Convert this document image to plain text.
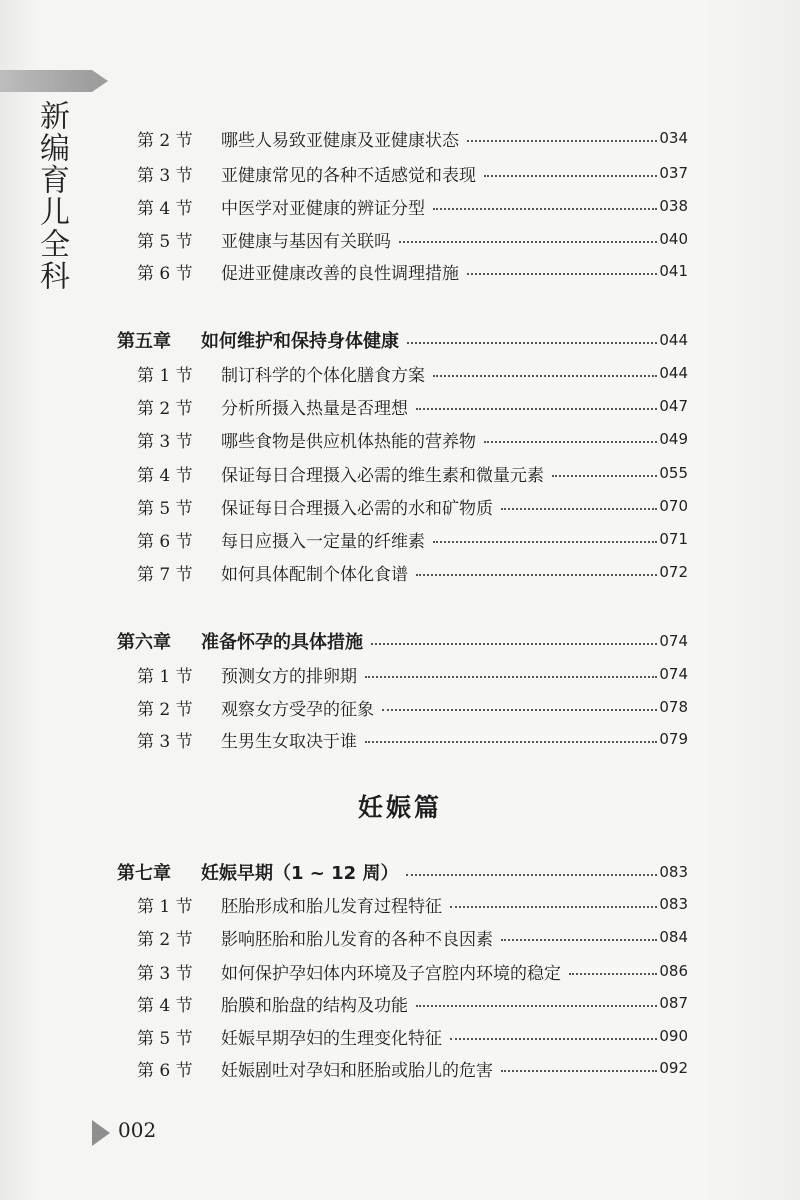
新编育儿全科	第 2 节	哪些人易致亚健康及亚健康状态	034
第 3 节	亚健康常见的各种不适感觉和表现	037
第 4 节	中医学对亚健康的辨证分型	038
第 5 节	亚健康与基因有关联吗	040
第 6 节	促进亚健康改善的良性调理措施	041
第五章	如何维护和保持身体健康	044
第 1 节	制订科学的个体化膳食方案	044
第 2 节	分析所摄入热量是否理想	047
第 3 节	哪些食物是供应机体热能的营养物	049
第 4 节	保证每日合理摄入必需的维生素和微量元素	055
第 5 节	保证每日合理摄入必需的水和矿物质	070
第 6 节	每日应摄入一定量的纤维素	071
第 7 节	如何具体配制个体化食谱	072
第六章	准备怀孕的具体措施	074
第 1 节	预测女方的排卵期	074
第 2 节	观察女方受孕的征象	078
第 3 节	生男生女取决于谁	079
第七章	妊娠早期（1 ~ 12 周）	083
第 1 节	胚胎形成和胎儿发育过程特征	083
第 2 节	影响胚胎和胎儿发育的各种不良因素	084
第 3 节	如何保护孕妇体内环境及子宫腔内环境的稳定	086
第 4 节	胎膜和胎盘的结构及功能	087
第 5 节	妊娠早期孕妇的生理变化特征	090
第 6 节	妊娠剧吐对孕妇和胚胎或胎儿的危害	092
妊娠篇
002
